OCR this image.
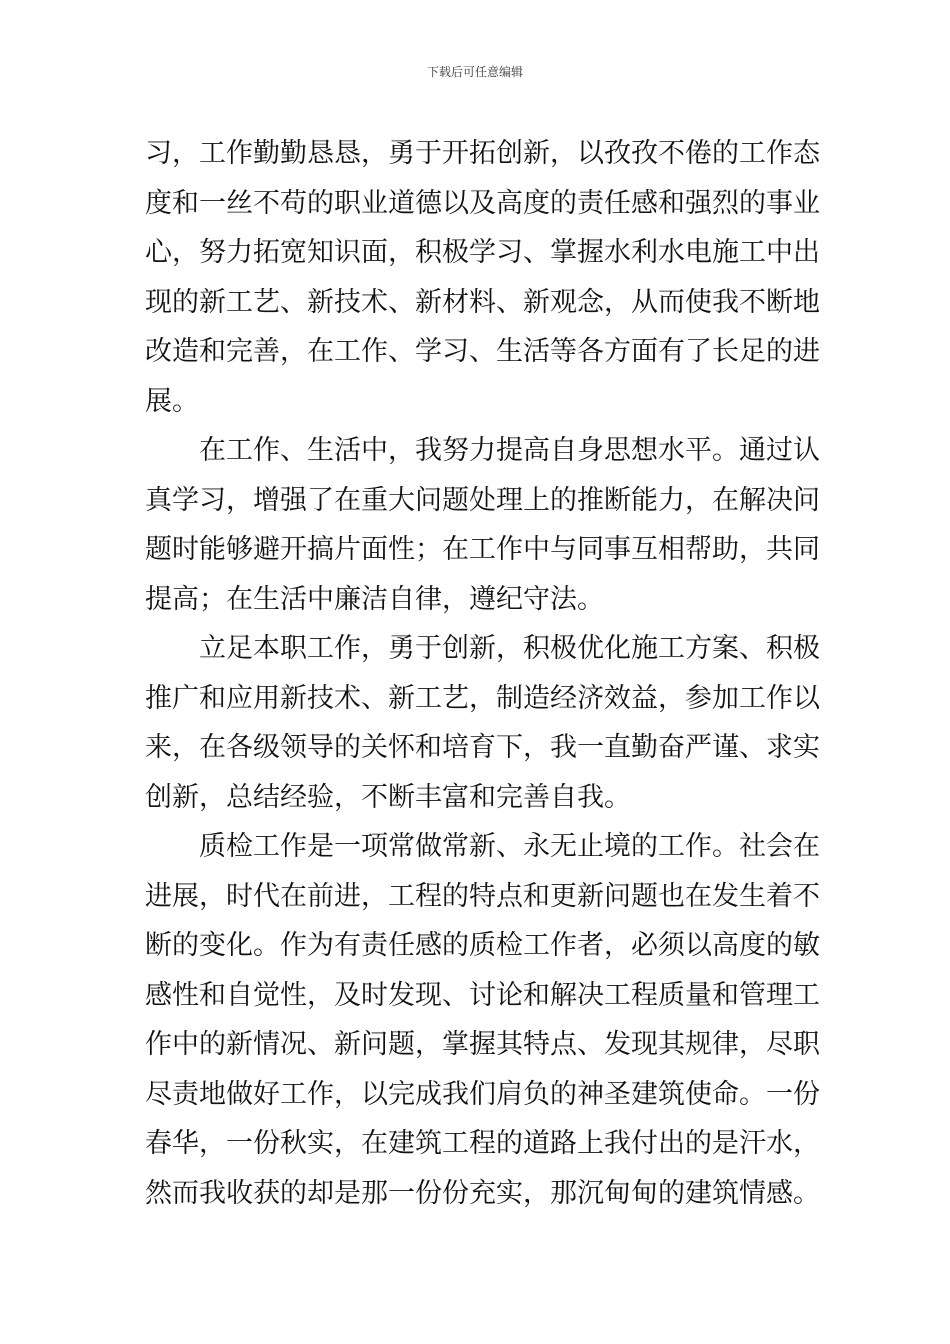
下载后可任意编辑
习，工作勤勤恳恳，勇于开拓创新，以孜孜不倦的工作态
度和一丝不苟的职业道德以及高度的责任感和强烈的事业
心，努力拓宽知识面，积极学习、掌握水利水电施工中出
现的新工艺、新技术、新材料、新观念，从而使我不断地
改造和完善，在工作、学习、生活等各方面有了长足的进
展。
在工作、生活中，我努力提高自身思想水平。通过认
真学习，增强了在重大问题处理上的推断能力，在解决问
题时能够避开搞片面性；在工作中与同事互相帮助，共同
提高；在生活中廉洁自律，遵纪守法。
立足本职工作，勇于创新，积极优化施工方案、积极
推广和应用新技术、新工艺，制造经济效益，参加工作以
来，在各级领导的关怀和培育下，我一直勤奋严谨、求实
创新，总结经验，不断丰富和完善自我。
质检工作是一项常做常新、永无止境的工作。社会在
进展，时代在前进，工程的特点和更新问题也在发生着不
断的变化。作为有责任感的质检工作者，必须以高度的敏
感性和自觉性，及时发现、讨论和解决工程质量和管理工
作中的新情况、新问题，掌握其特点、发现其规律，尽职
尽责地做好工作，以完成我们肩负的神圣建筑使命。一份
春华，一份秋实，在建筑工程的道路上我付出的是汗水，
然而我收获的却是那一份份充实，那沉甸甸的建筑情感。
